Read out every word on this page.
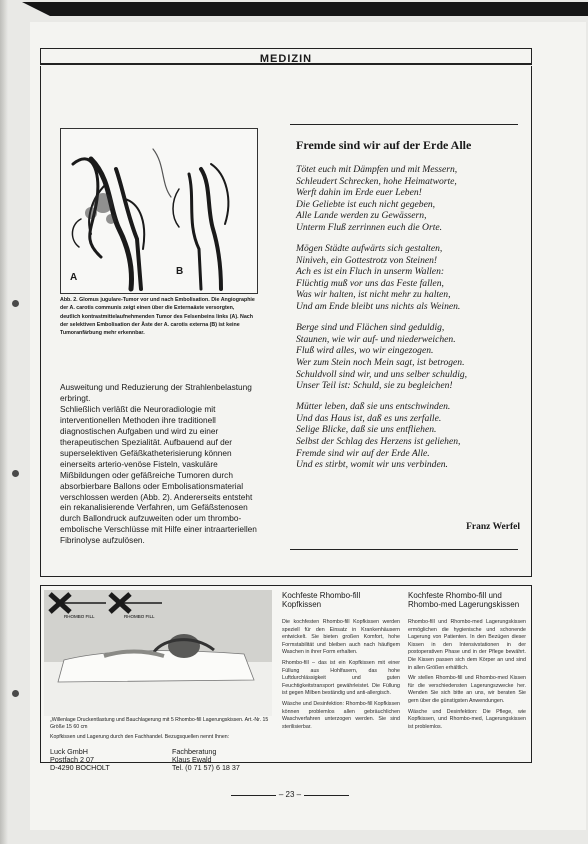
MEDIZIN
A
B
Abb. 2. Glomus jugulare-Tumor vor und nach Embolisation. Die Angiographie der A. carotis communis zeigt einen über die Externaäste versorgten, deutlich kontrastmittelaufnehmenden Tumor des Felsenbeins links (A). Nach der selektiven Embolisation der Äste der A. carotis externa (B) ist keine Tumoranfärbung mehr erkennbar.

Ausweitung und Reduzierung der Strahlenbelastung erbringt.

Schließlich verläßt die Neuroradiologie mit interventionellen Methoden ihre traditionell diagnostischen Aufgaben und wird zu einer therapeutischen Spezialität. Aufbauend auf der superselektiven Gefäßkatheterisierung können einerseits arterio-venöse Fisteln, vaskuläre Mißbildungen oder gefäßreiche Tumoren durch absorbierbare Ballons oder Embolisationsmaterial verschlossen werden (Abb. 2). Andererseits entsteht ein rekanalisierende Verfahren, um Gefäßstenosen durch Ballondruck aufzuweiten oder um thrombo-embolische Verschlüsse mit Hilfe einer intraarteriellen Fibrinolyse aufzulösen.

Fremde sind wir auf der Erde Alle
Tötet euch mit Dämpfen und mit Messern,
Schleudert Schrecken, hohe Heimatworte,
Werft dahin im Erde euer Leben!
Die Geliebte ist euch nicht gegeben,
Alle Lande werden zu Gewässern,
Unterm Fluß zerrinnen euch die Orte.
Mögen Städte aufwärts sich gestalten,
Niniveh, ein Gottestrotz von Steinen!
Ach es ist ein Fluch in unserm Wallen:
Flüchtig muß vor uns das Feste fallen,
Was wir halten, ist nicht mehr zu halten,
Und am Ende bleibt uns nichts als Weinen.
Berge sind und Flächen sind geduldig,
Staunen, wie wir auf- und niederweichen.
Fluß wird alles, wo wir eingezogen.
Wer zum Stein noch Mein sagt, ist betrogen.
Schuldvoll sind wir, und uns selber schuldig,
Unser Teil ist: Schuld, sie zu begleichen!
Mütter leben, daß sie uns entschwinden.
Und das Haus ist, daß es uns zerfalle.
Selige Blicke, daß sie uns entfliehen.
Selbst der Schlag des Herzens ist geliehen,
Fremde sind wir auf der Erde Alle.
Und es stirbt, womit wir uns verbinden.
Franz Werfel
RHOMBO FILL	RHOMBO FILL
„Willenlage Druckentlastung und Bauchlagerung mit 5 Rhombo-fill Lagerungskissen. Art.-Nr. 15 Größe 15 60 cm
Kopfkissen und Lagerung durch den Fachhandel. Bezugsquellen nennt Ihnen:
Luck GmbH
Postfach 2 07
D-4290 BOCHOLT
Fachberatung
Klaus Ewald
Tel. (0 71 57) 6 18 37
Kochfeste Rhombo-fill Kopfkissen

Die kochfesten Rhombo-fill Kopfkissen werden speziell für den Einsatz in Krankenhäusern entwickelt. Sie bieten großen Komfort, hohe Formstabilität und bleiben auch nach häufigem Waschen in ihrer Form erhalten.

Rhombo-fill – das ist ein Kopfkissen mit einer Füllung aus Hohlfasern, das hohe Luftdurchlässigkeit und guten Feuchtigkeitstransport gewährleistet. Die Füllung ist gegen Milben beständig und anti-allergisch.

Wäsche und Desinfektion: Rhombo-fill Kopfkissen können problemlos allen gebräuchlichen Waschverfahren unterzogen werden. Sie sind sterilisierbar.

Kochfeste Rhombo-fill und Rhombo-med Lagerungskissen

Rhombo-fill und Rhombo-med Lagerungskissen ermöglichen die hygienische und schonende Lagerung von Patienten. In den Bezügen dieser Kissen in den Intensivstationen in der postoperativen Phase und in der Pflege bewährt. Die Kissen passen sich dem Körper an und sind in allen Größen erhältlich.

Wir stellen Rhombo-fill und Rhombo-med Kissen für die verschiedensten Lagerungszwecke her. Wenden Sie sich bitte an uns, wir beraten Sie gern über die günstigsten Anwendungen.

Wäsche und Desinfektion: Die Pflege, wie Kopfkissen, und Rhombo-med, Lagerungskissen ist problemlos.

– 23 –
